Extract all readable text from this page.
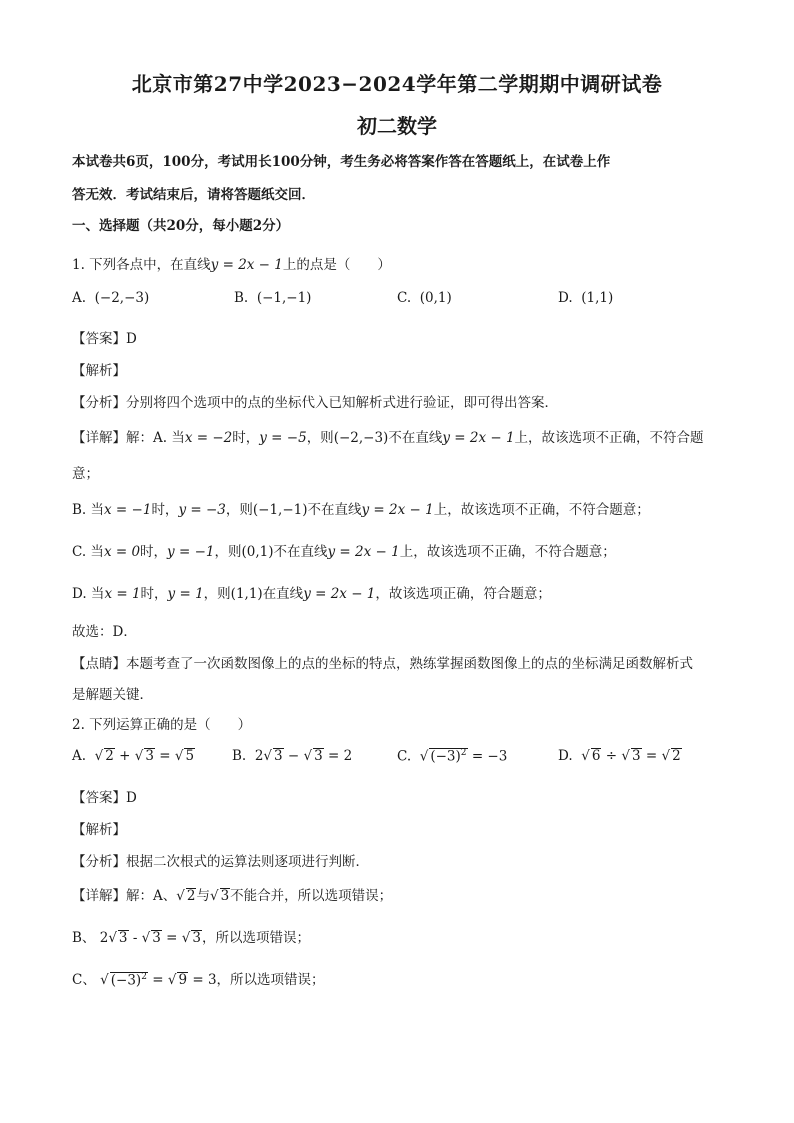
北京市第27中学2023−2024学年第二学期期中调研试卷
初二数学
本试卷共6页，100分，考试用长100分钟，考生务必将答案作答在答题纸上，在试卷上作
答无效．考试结束后，请将答题纸交回．
一、选择题（共20分，每小题2分）
1. 下列各点中，在直线y = 2x − 1上的点是（　　）
A. (−2,−3)	B. (−1,−1)	C. (0,1)	D. (1,1)
【答案】D
【解析】
【分析】分别将四个选项中的点的坐标代入已知解析式进行验证，即可得出答案．
【详解】解：A. 当x = −2时，y = −5，则(−2,−3)不在直线y = 2x − 1上，故该选项不正确，不符合题
意；
B. 当x = −1时，y = −3，则(−1,−1)不在直线y = 2x − 1上，故该选项不正确，不符合题意；
C. 当x = 0时，y = −1，则(0,1)不在直线y = 2x − 1上，故该选项不正确，不符合题意；
D. 当x = 1时，y = 1，则(1,1)在直线y = 2x − 1，故该选项正确，符合题意；
故选：D．
【点睛】本题考查了一次函数图像上的点的坐标的特点，熟练掌握函数图像上的点的坐标满足函数解析式
是解题关键．
2. 下列运算正确的是（　　）
A. √ 2 + √ 3 = √ 5	B. 2√ 3 − √ 3 = 2	C. √ $(-3)^2 = -3$	D. √ 6 ÷ √ 3 = √ 2
【答案】D
【解析】
【分析】根据二次根式的运算法则逐项进行判断．
【详解】解：A、√ 2与√ 3不能合并，所以选项错误；
B、 2√ 3 - √ 3 = √ 3，所以选项错误；
C、 √ $(-3)^2$ = √ 9 = 3，所以选项错误；
